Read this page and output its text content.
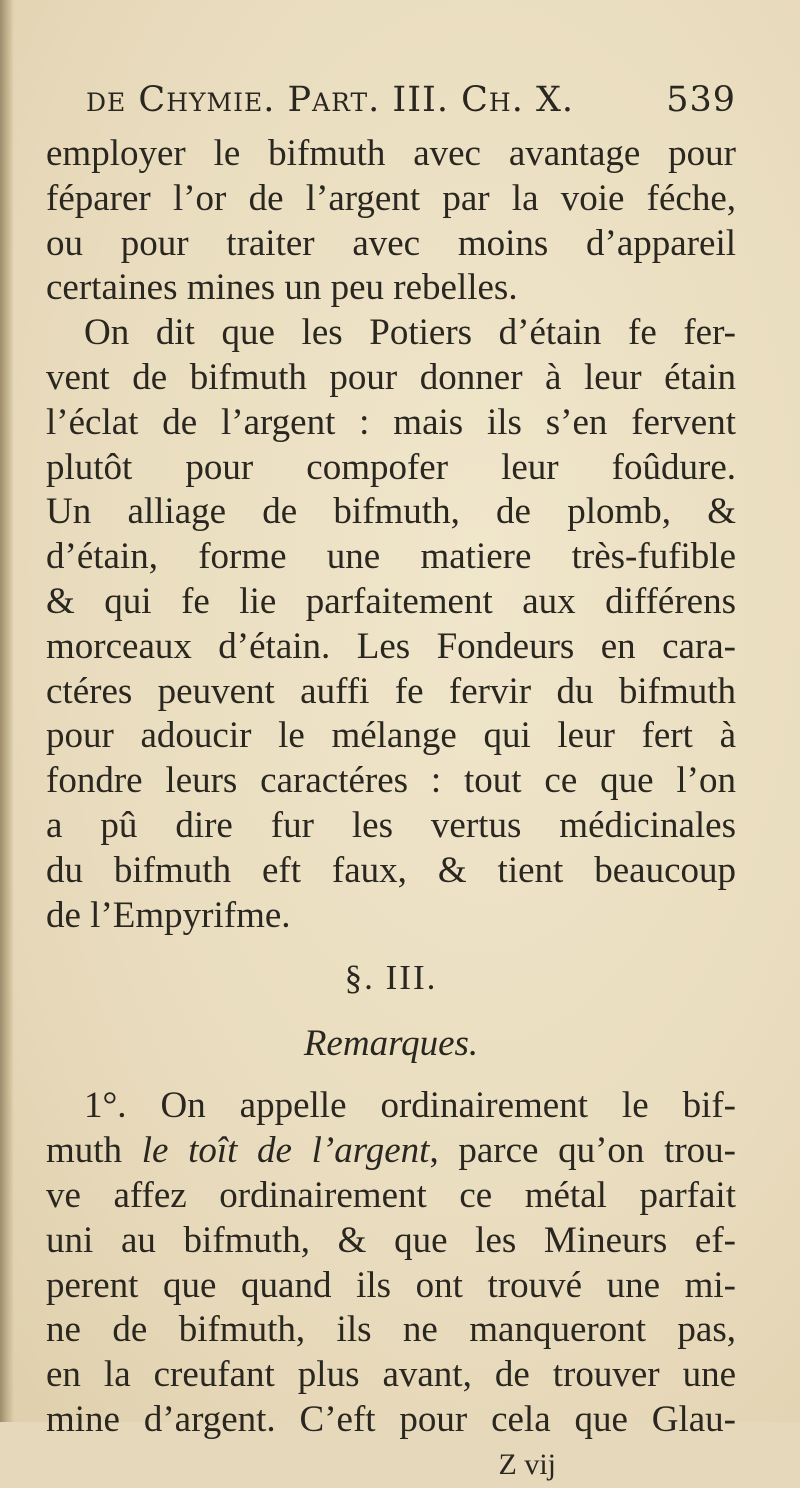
de Chymie. Part. III. Ch. X.	539
employer le bifmuth avec avantage pour
féparer l’or de l’argent par la voie féche,
ou pour traiter avec moins d’appareil
certaines mines un peu rebelles.
On dit que les Potiers d’étain fe fer-
vent de bifmuth pour donner à leur étain
l’éclat de l’argent : mais ils s’en fervent
plutôt pour compofer leur foûdure.
Un alliage de bifmuth, de plomb, &
d’étain, forme une matiere très-fufible
& qui fe lie parfaitement aux différens
morceaux d’étain. Les Fondeurs en cara-
ctéres peuvent auffi fe fervir du bifmuth
pour adoucir le mélange qui leur fert à
fondre leurs caractéres : tout ce que l’on
a pû dire fur les vertus médicinales
du bifmuth eft faux, & tient beaucoup
de l’Empyrifme.
§. III.
Remarques.
1°. On appelle ordinairement le bif-
muth le toît de l’argent, parce qu’on trou-
ve affez ordinairement ce métal parfait
uni au bifmuth, & que les Mineurs ef-
perent que quand ils ont trouvé une mi-
ne de bifmuth, ils ne manqueront pas,
en la creufant plus avant, de trouver une
mine d’argent. C’eft pour cela que Glau-
Z vij
